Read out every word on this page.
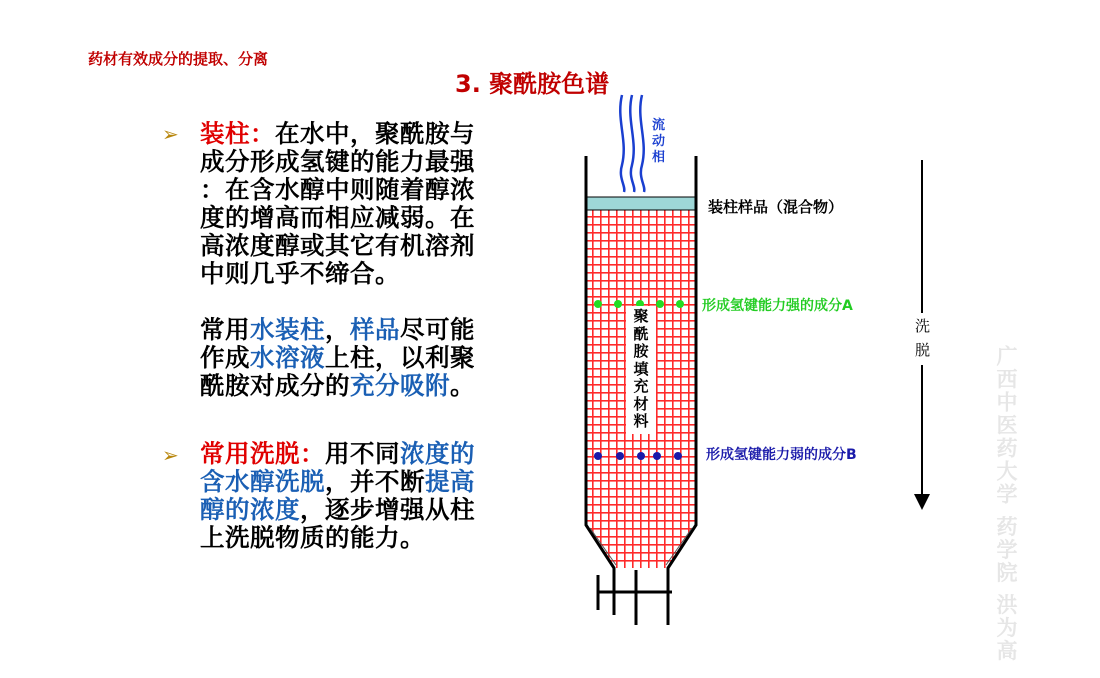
药材有效成分的提取、分离
3. 聚酰胺色谱
➢ 装柱：在水中，聚酰胺与
成分形成氢键的能力最强
：在含水醇中则随着醇浓
度的增高而相应减弱。在
高浓度醇或其它有机溶剂
中则几乎不缔合。
常用水装柱，样品尽可能
作成水溶液上柱，以利聚
酰胺对成分的充分吸附。
➢ 常用洗脱：用不同浓度的
含水醇洗脱，并不断提高
醇的浓度，逐步增强从柱
上洗脱物质的能力。
流动相
装柱样品（混合物）
形成氢键能力强的成分A
形成氢键能力弱的成分B
聚酰胺填充材料
洗脱	广西中医药大学 药学院 洪为高
